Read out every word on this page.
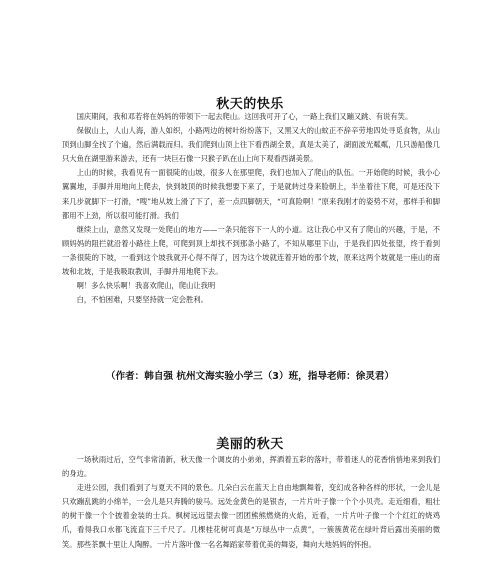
秋天的快乐

国庆期间，我和邓若将在妈妈的带领下一起去爬山。这回我可开了心，一路上我们又蹦又跳、有说有笑。

保俶山上，人山人海，游人如织，小路两边的树叶纷纷落下，又黑又大的山蚊正不辞辛劳地四处寻觅食物，从山顶到山脚全找了个遍，然后满载而归。我们爬到山顶上往下看西湖全景，真是太美了，湖面波光粼粼，几只游船像几只大鱼在湖里游来游去，还有一块巨石像一只猴子趴在山上向下观看西湖美景。

上山的时候，我看见有一面很陡的山坡，很多人在那里爬，我们也加入了爬山的队伍。一开始爬的时候，我小心翼翼地，手脚并用地向上爬去，快到坡顶的时候我想要下来了，于是就转过身来脸朝上，半坐着往下爬，可是还没下来几步就脚下一打滑，“嗖”地从坡上滑了下了，差一点四脚朝天，“可真险啊！”原来我刚才的姿势不对，那样手和脚都用不上劲，所以很可能打滑。我们

继续上山，意然又发现一处爬山的地方——一条只能容下一人的小道。这让我心中又有了爬山的兴趣，于是，不顾妈妈的阻拦就沿着小路往上爬，可爬到顶上却找不到那条小路了，不知从哪里下山，于是我们四处张望，终于看到一条很陡的下坡，一看到这个坡我就开心得不得了，因为这个坡就连着开始的那个坡，原来这两个坡就是一座山的南坡和北坡，于是我吸取教训，手脚并用地爬下去。

啊！多么快乐啊！我喜欢爬山，爬山让我明

白，不怕困难，只要坚持就一定会胜利。

（作者：韩自强 杭州文海实验小学三（3）班，指导老师：徐灵君）
美丽的秋天

一场秋雨过后，空气非常清新，秋天像一个调皮的小弟弟，挥洒着五彩的落叶，带着迷人的花香悄悄地来到我们的身边。

走进公园，我们看到了与夏天不同的景色。几朵白云在蓝天上自由地飘舞着，变幻成各种各样的形状，一会儿是只欢蹦乱跳的小绵羊，一会儿是只奔腾的骏马。远处金黄色的是银杏，一片片叶子像一个个小贝壳。走近细看，粗壮的树干像一个个披着金装的士兵。枫树远远望去像一团团熊熊燃烧的火焰，近看，一片片叶子像一个个红红的烧鸡爪，看得我口水都飞流直下三千尺了。几棵桂花树可真是“万绿丛中一点黄”，一簇簇黄花在绿叶背后露出美丽的微笑。那些茶飘十里让人陶醉。一片片落叶像一名名舞蹈家带着优美的舞姿，舞向大地妈妈的怀抱。
